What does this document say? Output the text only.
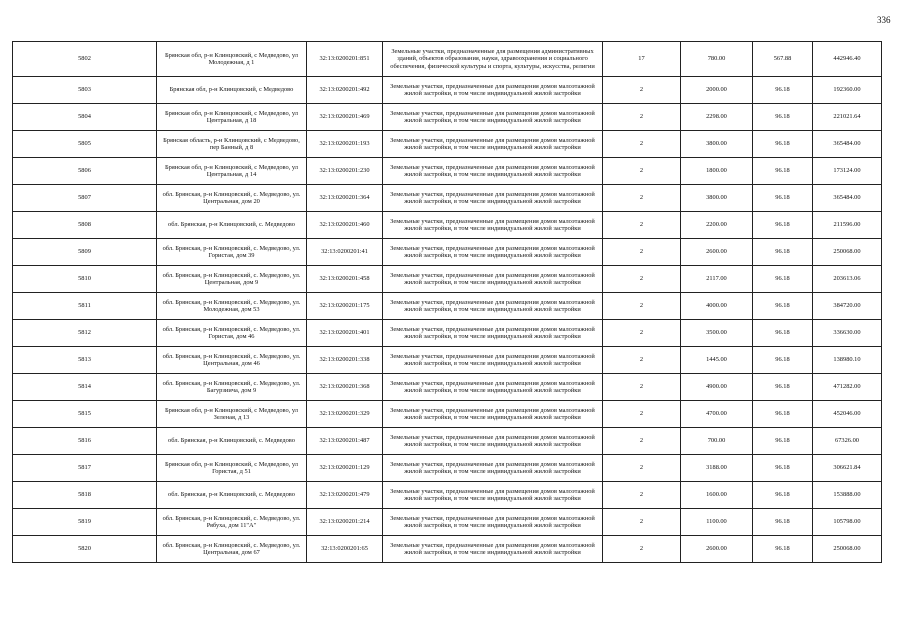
336
5802	Брянская обл, р-н Клинцовский, с Медведово, ул Молодежная, д 1	32:13:0200201:851	Земельные участки, предназначенные для размещения административных зданий, объектов образования, науки, здравоохранения и социального обеспечения, физической культуры и спорта, культуры, искусства, религии	17	780.00	567.88	442946.40
5803	Брянская обл, р-н Клинцовский, с Медведово	32:13:0200201:492	Земельные участки, предназначенные для размещения домов малоэтажной жилой застройки, в том числе индивидуальной жилой застройки	2	2000.00	96.18	192360.00
5804	Брянская обл, р-н Клинцовский, с Медведово, ул Центральная, д 18	32:13:0200201:469	Земельные участки, предназначенные для размещения домов малоэтажной жилой застройки, в том числе индивидуальной жилой застройки	2	2298.00	96.18	221021.64
5805	Брянская область, р-н Клинцовский, с Медведово, пер Банный, д 8	32:13:0200201:193	Земельные участки, предназначенные для размещения домов малоэтажной жилой застройки, в том числе индивидуальной жилой застройки	2	3800.00	96.18	365484.00
5806	Брянская обл, р-н Клинцовский, с Медведово, ул Центральная, д 14	32:13:0200201:230	Земельные участки, предназначенные для размещения домов малоэтажной жилой застройки, в том числе индивидуальной жилой застройки	2	1800.00	96.18	173124.00
5807	обл. Брянская, р-н Клинцовский, с. Медведово, ул. Центральная, дом 20	32:13:0200201:364	Земельные участки, предназначенные для размещения домов малоэтажной жилой застройки, в том числе индивидуальной жилой застройки	2	3800.00	96.18	365484.00
5808	обл. Брянская, р-н Клинцовский, с. Медведово	32:13:0200201:460	Земельные участки, предназначенные для размещения домов малоэтажной жилой застройки, в том числе индивидуальной жилой застройки	2	2200.00	96.18	211596.00
5809	обл. Брянская, р-н Клинцовский, с. Медведово, ул. Гористая, дом 39	32:13:0200201:41	Земельные участки, предназначенные для размещения домов малоэтажной жилой застройки, в том числе индивидуальной жилой застройки	2	2600.00	96.18	250068.00
5810	обл. Брянская, р-н Клинцовский, с. Медведово, ул. Центральная, дом 9	32:13:0200201:458	Земельные участки, предназначенные для размещения домов малоэтажной жилой застройки, в том числе индивидуальной жилой застройки	2	2117.00	96.18	203613.06
5811	обл. Брянская, р-н Клинцовский, с. Медведово, ул. Молодежная, дом 53	32:13:0200201:175	Земельные участки, предназначенные для размещения домов малоэтажной жилой застройки, в том числе индивидуальной жилой застройки	2	4000.00	96.18	384720.00
5812	обл. Брянская, р-н Клинцовский, с. Медведово, ул. Гористая, дом 46	32:13:0200201:401	Земельные участки, предназначенные для размещения домов малоэтажной жилой застройки, в том числе индивидуальной жилой застройки	2	3500.00	96.18	336630.00
5813	обл. Брянская, р-н Клинцовский, с. Медведово, ул. Центральная, дом 46	32:13:0200201:338	Земельные участки, предназначенные для размещения домов малоэтажной жилой застройки, в том числе индивидуальной жилой застройки	2	1445.00	96.18	138980.10
5814	обл. Брянская, р-н Клинцовский, с. Медведово, ул. Багурзиича, дом 9	32:13:0200201:368	Земельные участки, предназначенные для размещения домов малоэтажной жилой застройки, в том числе индивидуальной жилой застройки	2	4900.00	96.18	471282.00
5815	Брянская обл, р-н Клинцовский, с Медведово, ул Зеленая, д 13	32:13:0200201:329	Земельные участки, предназначенные для размещения домов малоэтажной жилой застройки, в том числе индивидуальной жилой застройки	2	4700.00	96.18	452046.00
5816	обл. Брянская, р-н Клинцовский, с. Медведово	32:13:0200201:487	Земельные участки, предназначенные для размещения домов малоэтажной жилой застройки, в том числе индивидуальной жилой застройки	2	700.00	96.18	67326.00
5817	Брянская обл, р-н Клинцовский, с Медведово, ул Гористая, д 51	32:13:0200201:129	Земельные участки, предназначенные для размещения домов малоэтажной жилой застройки, в том числе индивидуальной жилой застройки	2	3188.00	96.18	306621.84
5818	обл. Брянская, р-н Клинцовский, с. Медведово	32:13:0200201:479	Земельные участки, предназначенные для размещения домов малоэтажной жилой застройки, в том числе индивидуальной жилой застройки	2	1600.00	96.18	153888.00
5819	обл. Брянская, р-н Клинцовский, с. Медведово, ул. Рябуха, дом 11"А"	32:13:0200201:214	Земельные участки, предназначенные для размещения домов малоэтажной жилой застройки, в том числе индивидуальной жилой застройки	2	1100.00	96.18	105798.00
5820	обл. Брянская, р-н Клинцовский, с. Медведово, ул. Центральная, дом 67	32:13:0200201:65	Земельные участки, предназначенные для размещения домов малоэтажной жилой застройки, в том числе индивидуальной жилой застройки	2	2600.00	96.18	250068.00
